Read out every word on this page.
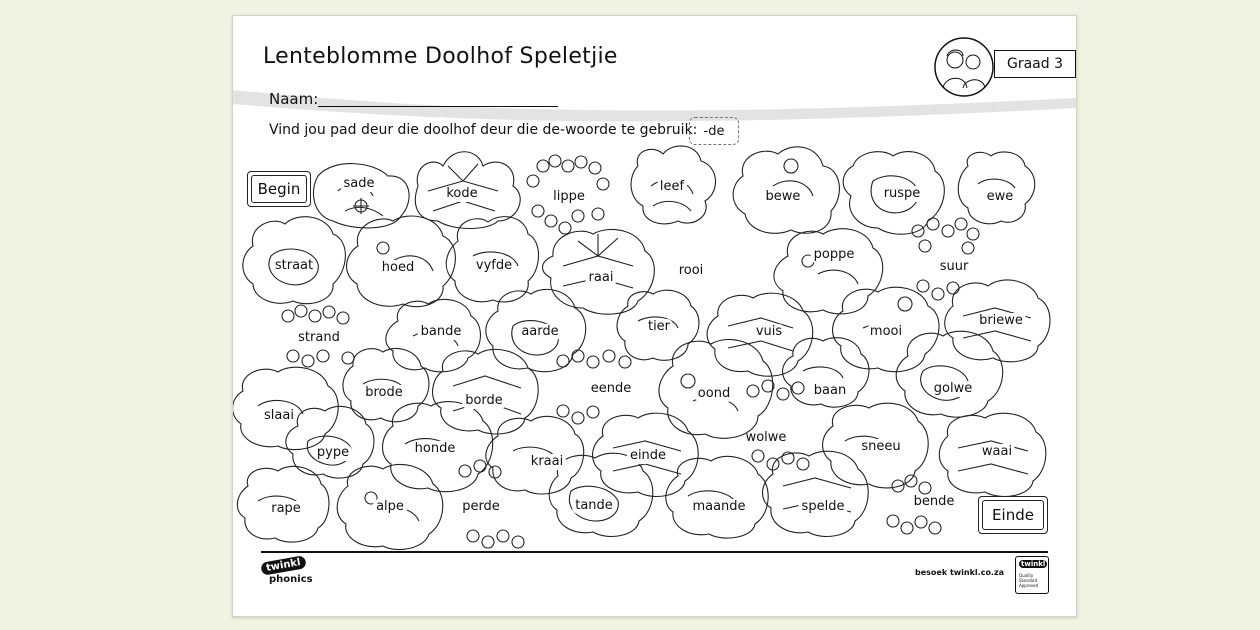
Lenteblomme Doolhof Speletjie	Graad 3
Naam:
Vind jou pad deur die doolhof deur die de-woorde te gebruik: -de
Begin
Einde
sade
kode	lippe
leef
bewe	ruspe	ewe
straat	hoed	vyfde
raai	rooi
poppe
suur
strand	bande	aarde	tier	vuis	mooi
briewe
slaai
brode
borde
eende	oond	baan	golwe
wolwe
pype	honde
kraai	einde
sneeu	waai
rape	alpe	perde	tande	maande	spelde	bende
twinkl
phonics
besoek twinkl.co.za
twinkl
Quality Standard Approved
